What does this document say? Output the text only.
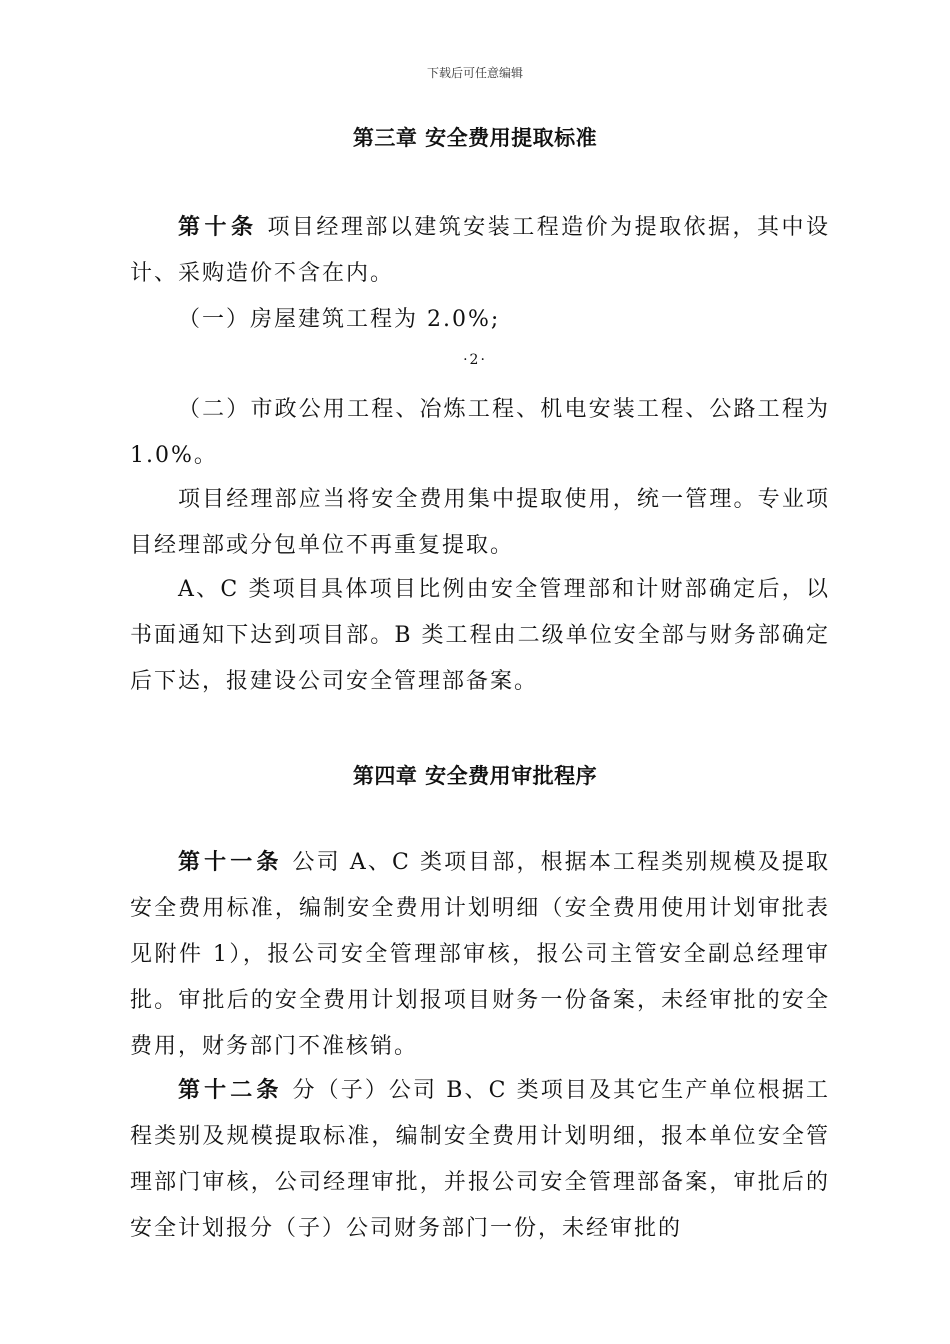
下载后可任意编辑
第三章 安全费用提取标准

第十条 项目经理部以建筑安装工程造价为提取依据，其中设计、采购造价不含在内。

（一）房屋建筑工程为 2.0%;

·2·

（二）市政公用工程、冶炼工程、机电安装工程、公路工程为 1.0%。

项目经理部应当将安全费用集中提取使用，统一管理。专业项目经理部或分包单位不再重复提取。

A、C 类项目具体项目比例由安全管理部和计财部确定后，以书面通知下达到项目部。B 类工程由二级单位安全部与财务部确定后下达，报建设公司安全管理部备案。

第四章 安全费用审批程序

第十一条 公司 A、C 类项目部，根据本工程类别规模及提取安全费用标准，编制安全费用计划明细（安全费用使用计划审批表见附件 1），报公司安全管理部审核，报公司主管安全副总经理审批。审批后的安全费用计划报项目财务一份备案，未经审批的安全费用，财务部门不准核销。

第十二条 分（子）公司 B、C 类项目及其它生产单位根据工程类别及规模提取标准，编制安全费用计划明细，报本单位安全管理部门审核，公司经理审批，并报公司安全管理部备案，审批后的安全计划报分（子）公司财务部门一份，未经审批的
